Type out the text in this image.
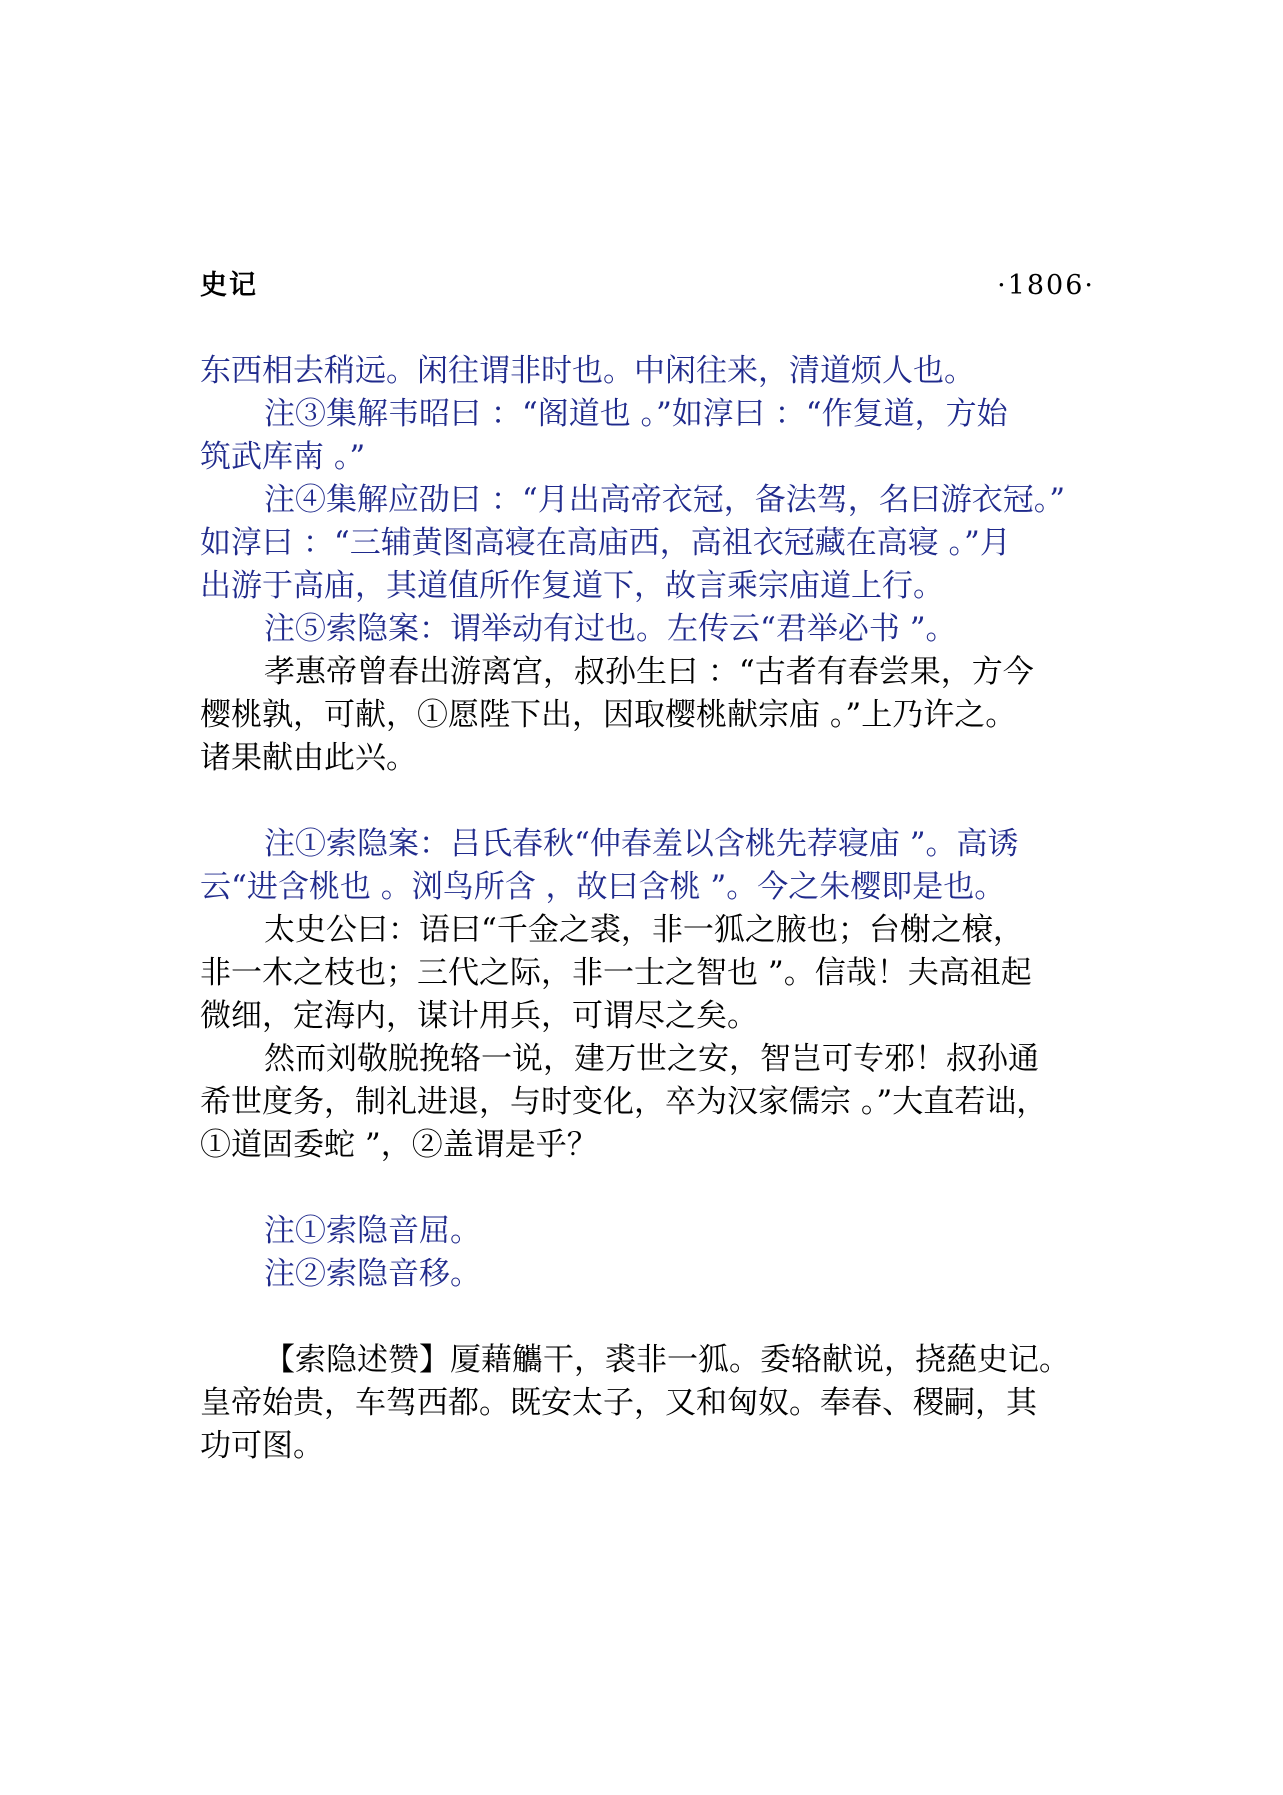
史记	·1806·

东西相去稍远。闲往谓非时也。中闲往来，清道烦人也。

注③集解韦昭曰 ：“阁道也 。”如淳曰 ：“作复道，方始
筑武库南 。”

注④集解应劭曰 ：“月出高帝衣冠，备法驾，名曰游衣冠。”
如淳曰 ：“三辅黄图高寝在高庙西，高祖衣冠藏在高寝 。”月
出游于高庙，其道值所作复道下，故言乘宗庙道上行。

注⑤索隐案：谓举动有过也。左传云“君举必书 ”。

孝惠帝曾春出游离宫，叔孙生曰 ：“古者有春尝果，方今
樱桃孰，可献，①愿陛下出，因取樱桃献宗庙 。”上乃许之。
诸果献由此兴。

注①索隐案：吕氏春秋“仲春羞以含桃先荐寝庙 ”。高诱
云“进含桃也 。浏鸟所含 ，故曰含桃 ”。今之朱樱即是也。

太史公曰：语曰“千金之裘，非一狐之腋也；台榭之榱，
非一木之枝也；三代之际，非一士之智也 ”。信哉！夫高祖起
微细，定海内，谋计用兵，可谓尽之矣。

然而刘敬脱挽辂一说，建万世之安，智岂可专邪！叔孙通
希世度务，制礼进退，与时变化，卒为汉家儒宗 。”大直若诎，
①道固委蛇 ”，②盖谓是乎？

注①索隐音屈。

注②索隐音移。

【索隐述赞】厦藉觿干，裘非一狐。委辂献说，挠蕝史记。
皇帝始贵，车驾西都。既安太子，又和匈奴。奉春、稷嗣，其
功可图。
